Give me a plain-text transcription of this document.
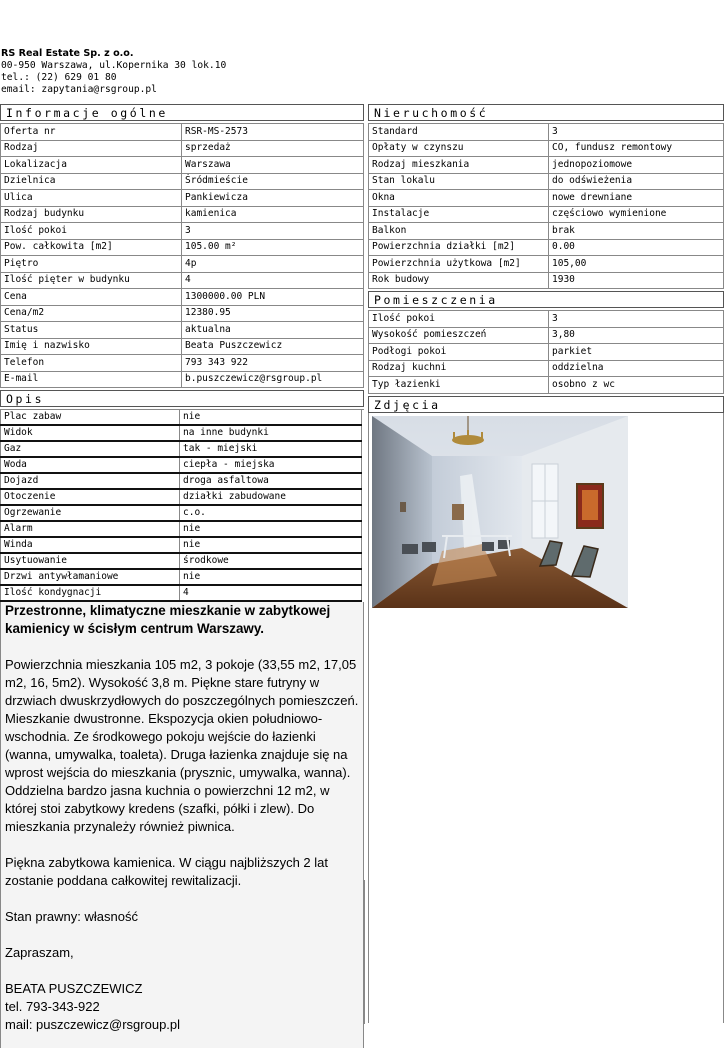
RS Real Estate Sp. z o.o.
00-950 Warszawa, ul.Kopernika 30 lok.10
tel.: (22) 629 01 80
email: zapytania@rsgroup.pl
Informacje ogólne
Oferta nr	RSR-MS-2573
Rodzaj	sprzedaż
Lokalizacja	Warszawa
Dzielnica	Śródmieście
Ulica	Pankiewicza
Rodzaj budynku	kamienica
Ilość pokoi	3
Pow. całkowita [m2]	105.00 m²
Piętro	4p
Ilość pięter w budynku	4
Cena	1300000.00 PLN
Cena/m2	12380.95
Status	aktualna
Imię i nazwisko	Beata Puszczewicz
Telefon	793 343 922
E-mail	b.puszczewicz@rsgroup.pl
Opis
Plac zabaw	nie	
Widok	na inne budynki	
Gaz	tak - miejski	
Woda	ciepła - miejska	
Dojazd	droga asfaltowa	
Otoczenie	działki zabudowane	
Ogrzewanie	c.o.	
Alarm	nie	
Winda	nie	
Usytuowanie	środkowe	
Drzwi antywłamaniowe	nie	
Ilość kondygnacji	4	

Przestronne, klimatyczne mieszkanie w zabytkowej kamienicy w ścisłym centrum Warszawy.

Powierzchnia mieszkania 105 m2, 3 pokoje (33,55 m2, 17,05 m2, 16, 5m2). Wysokość 3,8 m. Piękne stare futryny w drzwiach dwuskrzydłowych do poszczególnych pomieszczeń. Mieszkanie dwustronne. Ekspozycja okien południowo-wschodnia. Ze środkowego pokoju wejście do łazienki (wanna, umywalka, toaleta). Druga łazienka znajduje się na wprost wejścia do mieszkania (prysznic, umywalka, wanna). Oddzielna bardzo jasna kuchnia o powierzchni 12 m2, w której stoi zabytkowy kredens (szafki, półki i zlew). Do mieszkania przynależy również piwnica.

Piękna zabytkowa kamienica. W ciągu najbliższych 2 lat zostanie poddana całkowitej rewitalizacji.

Stan prawny: własność

Zapraszam,

BEATA PUSZCZEWICZ
tel. 793-343-922
mail: puszczewicz@rsgroup.pl

Nieruchomość
Standard	3
Opłaty w czynszu	CO, fundusz remontowy
Rodzaj mieszkania	jednopoziomowe
Stan lokalu	do odświeżenia
Okna	nowe drewniane
Instalacje	częściowo wymienione
Balkon	brak
Powierzchnia działki [m2]	0.00
Powierzchnia użytkowa [m2]	105,00
Rok budowy	1930
Pomieszczenia
Ilość pokoi	3
Wysokość pomieszczeń	3,80
Podłogi pokoi	parkiet
Rodzaj kuchni	oddzielna
Typ łazienki	osobno z wc
Zdjęcia
